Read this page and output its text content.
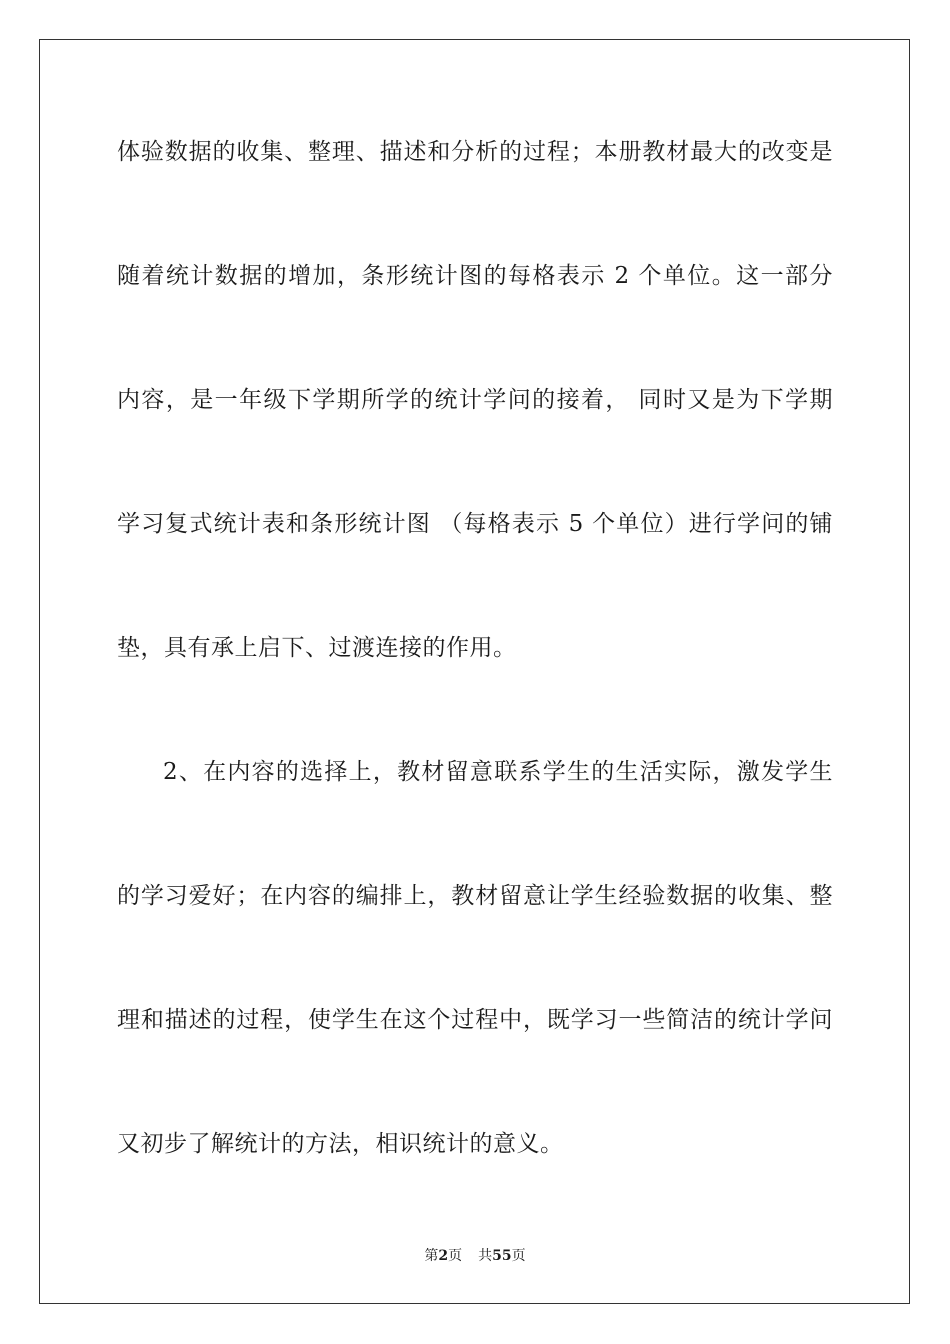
体验数据的收集、整理、描述和分析的过程；本册教材最大的改变是
随着统计数据的增加，条形统计图的每格表示 2 个单位。这一部分
内容，是一年级下学期所学的统计学问的接着， 同时又是为下学期
学习复式统计表和条形统计图 （每格表示 5 个单位）进行学问的铺
垫，具有承上启下、过渡连接的作用。
2、在内容的选择上，教材留意联系学生的生活实际，激发学生
的学习爱好；在内容的编排上，教材留意让学生经验数据的收集、整
理和描述的过程，使学生在这个过程中，既学习一些简洁的统计学问
又初步了解统计的方法，相识统计的意义。
第2页 共55页
